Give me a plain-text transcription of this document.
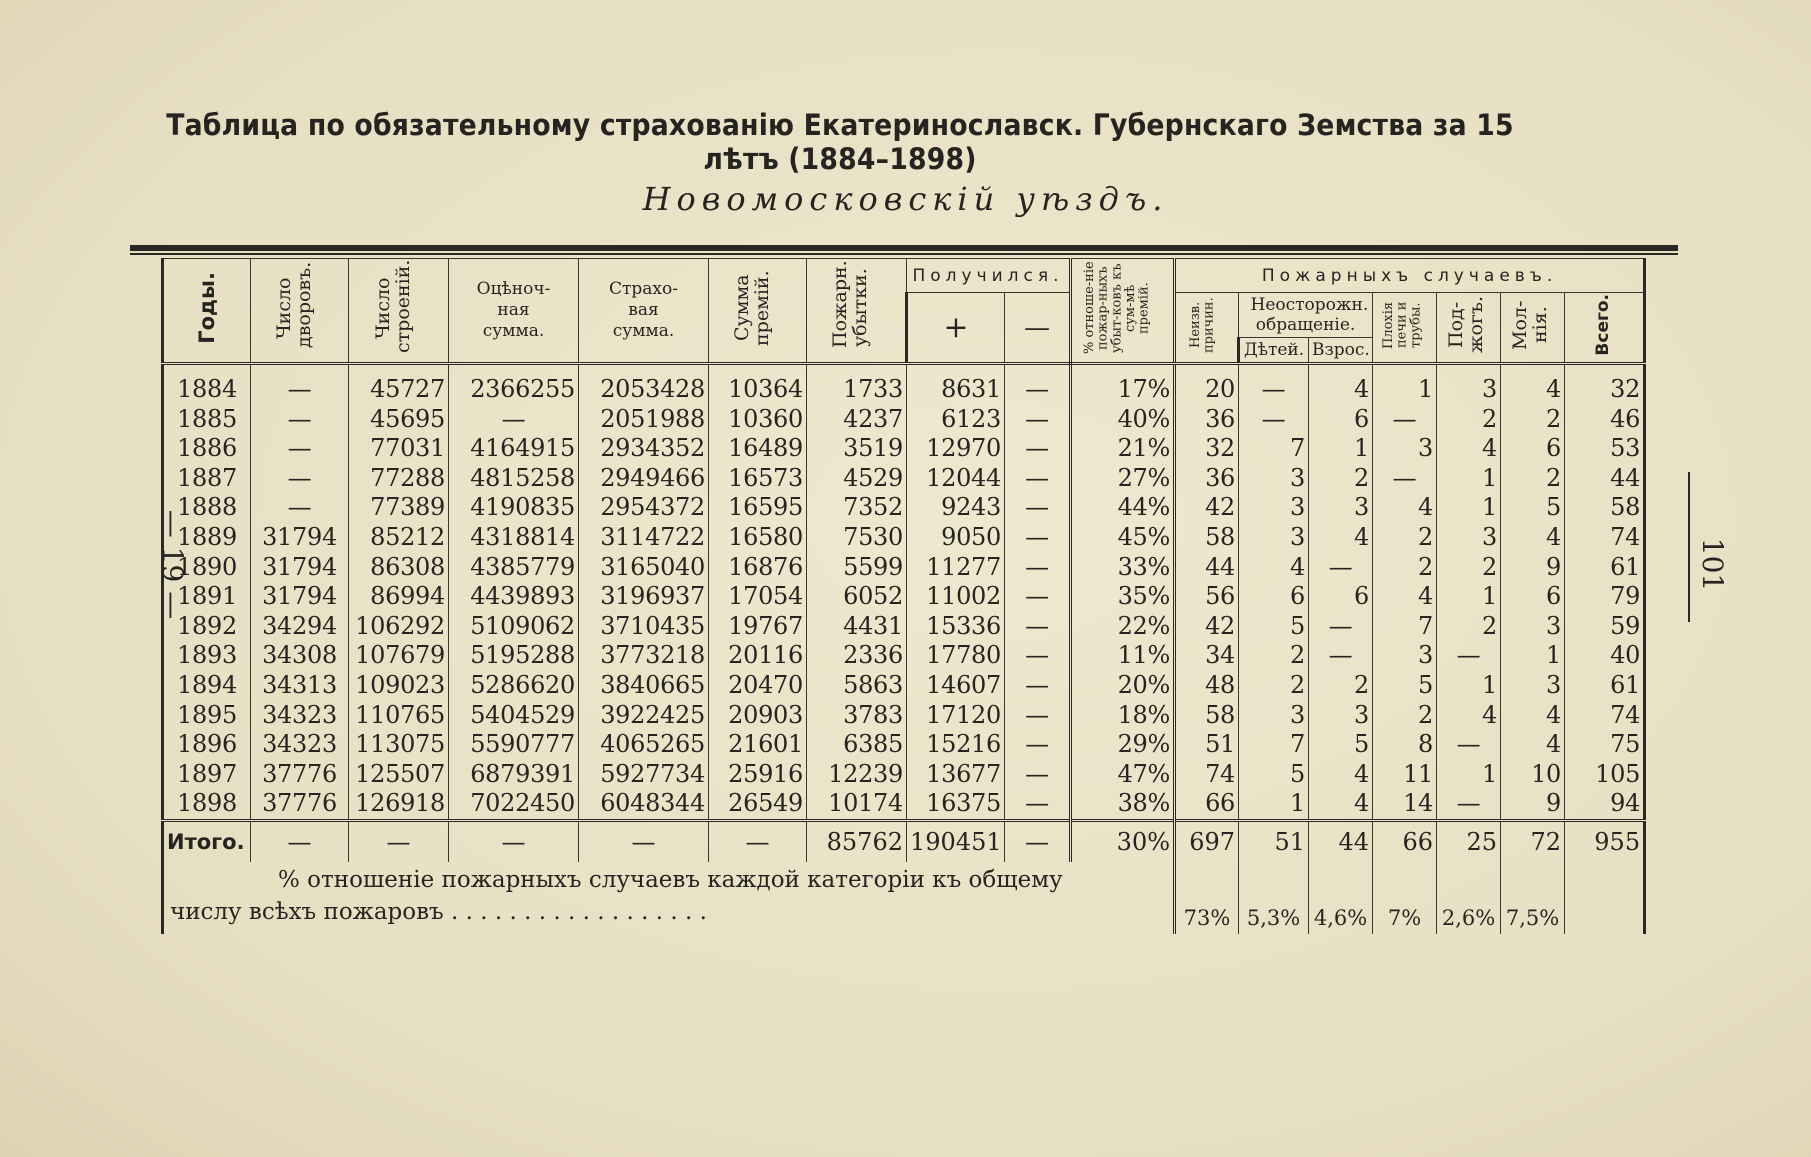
Таблица по обязательному страхованію Екатеринославск. Губернскаго Земства за 15 лѣтъ (1884–1898)
Новомосковскій уѣздъ.
— 19 —	101
Годы.	Число дворовъ.	Число строеній.	Оцѣноч-ная сумма.	Страхо-вая сумма.	Сумма премій.	Пожарн. убытки.	Получился.		% отноше-ніе пожар-ныхъ убыт-ковъ къ сум-мѣ премій.	Пожарныхъ случаевъ.						
							+	—		Неизв. причин.	Неосторожн. обращеніе.		Плохія печи и трубы.	Под-жогъ.	Мол-нія.	Всего.
											Дѣтей.	Взрос.				
1884	—	45727	2366255	2053428	10364	1733	8631	—	17%	20	—	4	1	3	4	32
1885	—	45695	—	2051988	10360	4237	6123	—	40%	36	—	6	—	2	2	46
1886	—	77031	4164915	2934352	16489	3519	12970	—	21%	32	7	1	3	4	6	53
1887	—	77288	4815258	2949466	16573	4529	12044	—	27%	36	3	2	—	1	2	44
1888	—	77389	4190835	2954372	16595	7352	9243	—	44%	42	3	3	4	1	5	58
1889	31794	85212	4318814	3114722	16580	7530	9050	—	45%	58	3	4	2	3	4	74
1890	31794	86308	4385779	3165040	16876	5599	11277	—	33%	44	4	—	2	2	9	61
1891	31794	86994	4439893	3196937	17054	6052	11002	—	35%	56	6	6	4	1	6	79
1892	34294	106292	5109062	3710435	19767	4431	15336	—	22%	42	5	—	7	2	3	59
1893	34308	107679	5195288	3773218	20116	2336	17780	—	11%	34	2	—	3	—	1	40
1894	34313	109023	5286620	3840665	20470	5863	14607	—	20%	48	2	2	5	1	3	61
1895	34323	110765	5404529	3922425	20903	3783	17120	—	18%	58	3	3	2	4	4	74
1896	34323	113075	5590777	4065265	21601	6385	15216	—	29%	51	7	5	8	—	4	75
1897	37776	125507	6879391	5927734	25916	12239	13677	—	47%	74	5	4	11	1	10	105
1898	37776	126918	7022450	6048344	26549	10174	16375	—	38%	66	1	4	14	—	9	94
Итого.	—	—	—	—	—	85762	190451	—	30%	697	51	44	66	25	72	955

% отношеніе пожарныхъ случаевъ каждой категоріи къ общему
числу всѣхъ пожаровъ . . . . . . . . . . . . . . . . . .										73%	5,3%	4,6%	7%	2,6%	7,5%	
